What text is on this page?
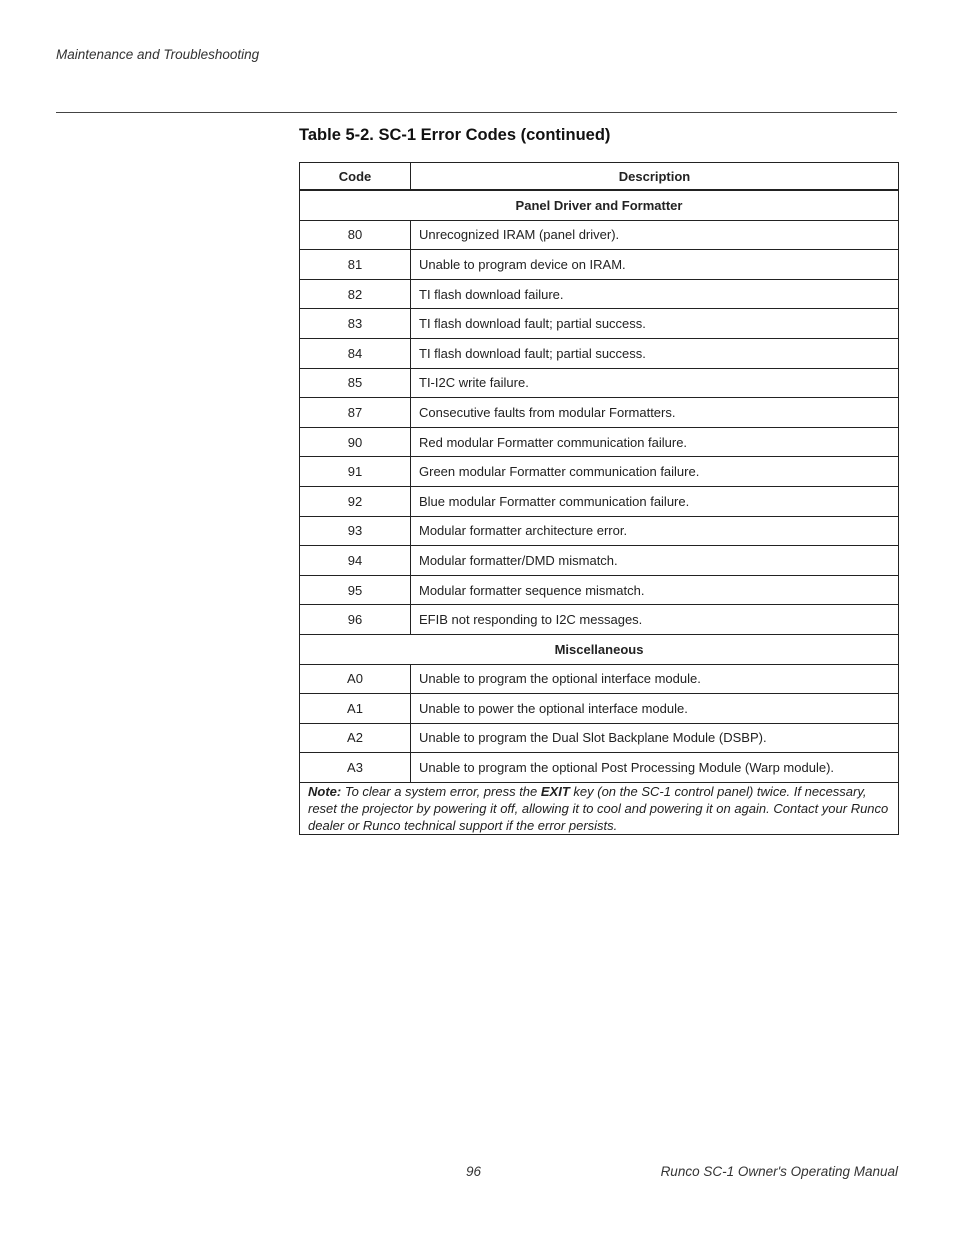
Maintenance and Troubleshooting
Table 5-2. SC-1 Error Codes (continued)
Code	Description
Panel Driver and Formatter	
80	Unrecognized IRAM (panel driver).
81	Unable to program device on IRAM.
82	TI flash download failure.
83	TI flash download fault; partial success.
84	TI flash download fault; partial success.
85	TI-I2C write failure.
87	Consecutive faults from modular Formatters.
90	Red modular Formatter communication failure.
91	Green modular Formatter communication failure.
92	Blue modular Formatter communication failure.
93	Modular formatter architecture error.
94	Modular formatter/DMD mismatch.
95	Modular formatter sequence mismatch.
96	EFIB not responding to I2C messages.
Miscellaneous	
A0	Unable to program the optional interface module.
A1	Unable to power the optional interface module.
A2	Unable to program the Dual Slot Backplane Module (DSBP).
A3	Unable to program the optional Post Processing Module (Warp module).
Note: To clear a system error, press the EXIT key (on the SC-1 control panel) twice. If necessary, reset the projector by powering it off, allowing it to cool and powering it on again. Contact your Runco dealer or Runco technical support if the error persists.	
96	Runco SC-1 Owner's Operating Manual
